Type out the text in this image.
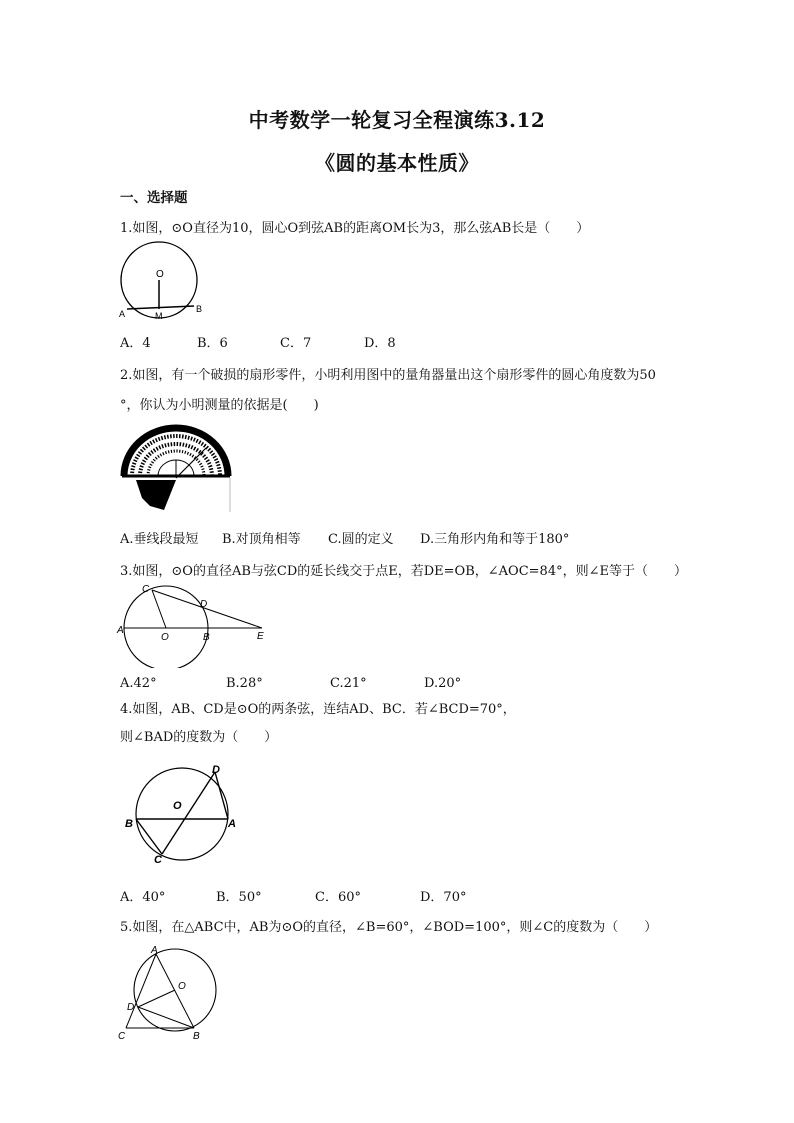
中考数学一轮复习全程演练3.12
《圆的基本性质》
一、选择题
1.如图，⊙O直径为10，圆心O到弦AB的距离OM长为3，那么弦AB长是（　　）
O
A	M
B
A．4	B．6	C．7	D．8
2.如图，有一个破损的扇形零件，小明利用图中的量角器量出这个扇形零件的圆心角度数为50
°，你认为小明测量的依据是(　　)
A.垂线段最短 B.对顶角相等 C.圆的定义 D.三角形内角和等于180°
3.如图，⊙O的直径AB与弦CD的延长线交于点E，若DE=OB，∠AOC=84°，则∠E等于（　　）
A
O	B
C
D
E
A.42°	B.28°	C.21°	D.20°
4.如图，AB、CD是⊙O的两条弦，连结AD、BC．若∠BCD=70°，
则∠BAD的度数为（　　）
D
O
B	A
C
A．40°	B．50°	C．60°	D．70°
5.如图，在△ABC中，AB为⊙O的直径，∠B=60°，∠BOD=100°，则∠C的度数为（　　）
A
O
D
C	B
